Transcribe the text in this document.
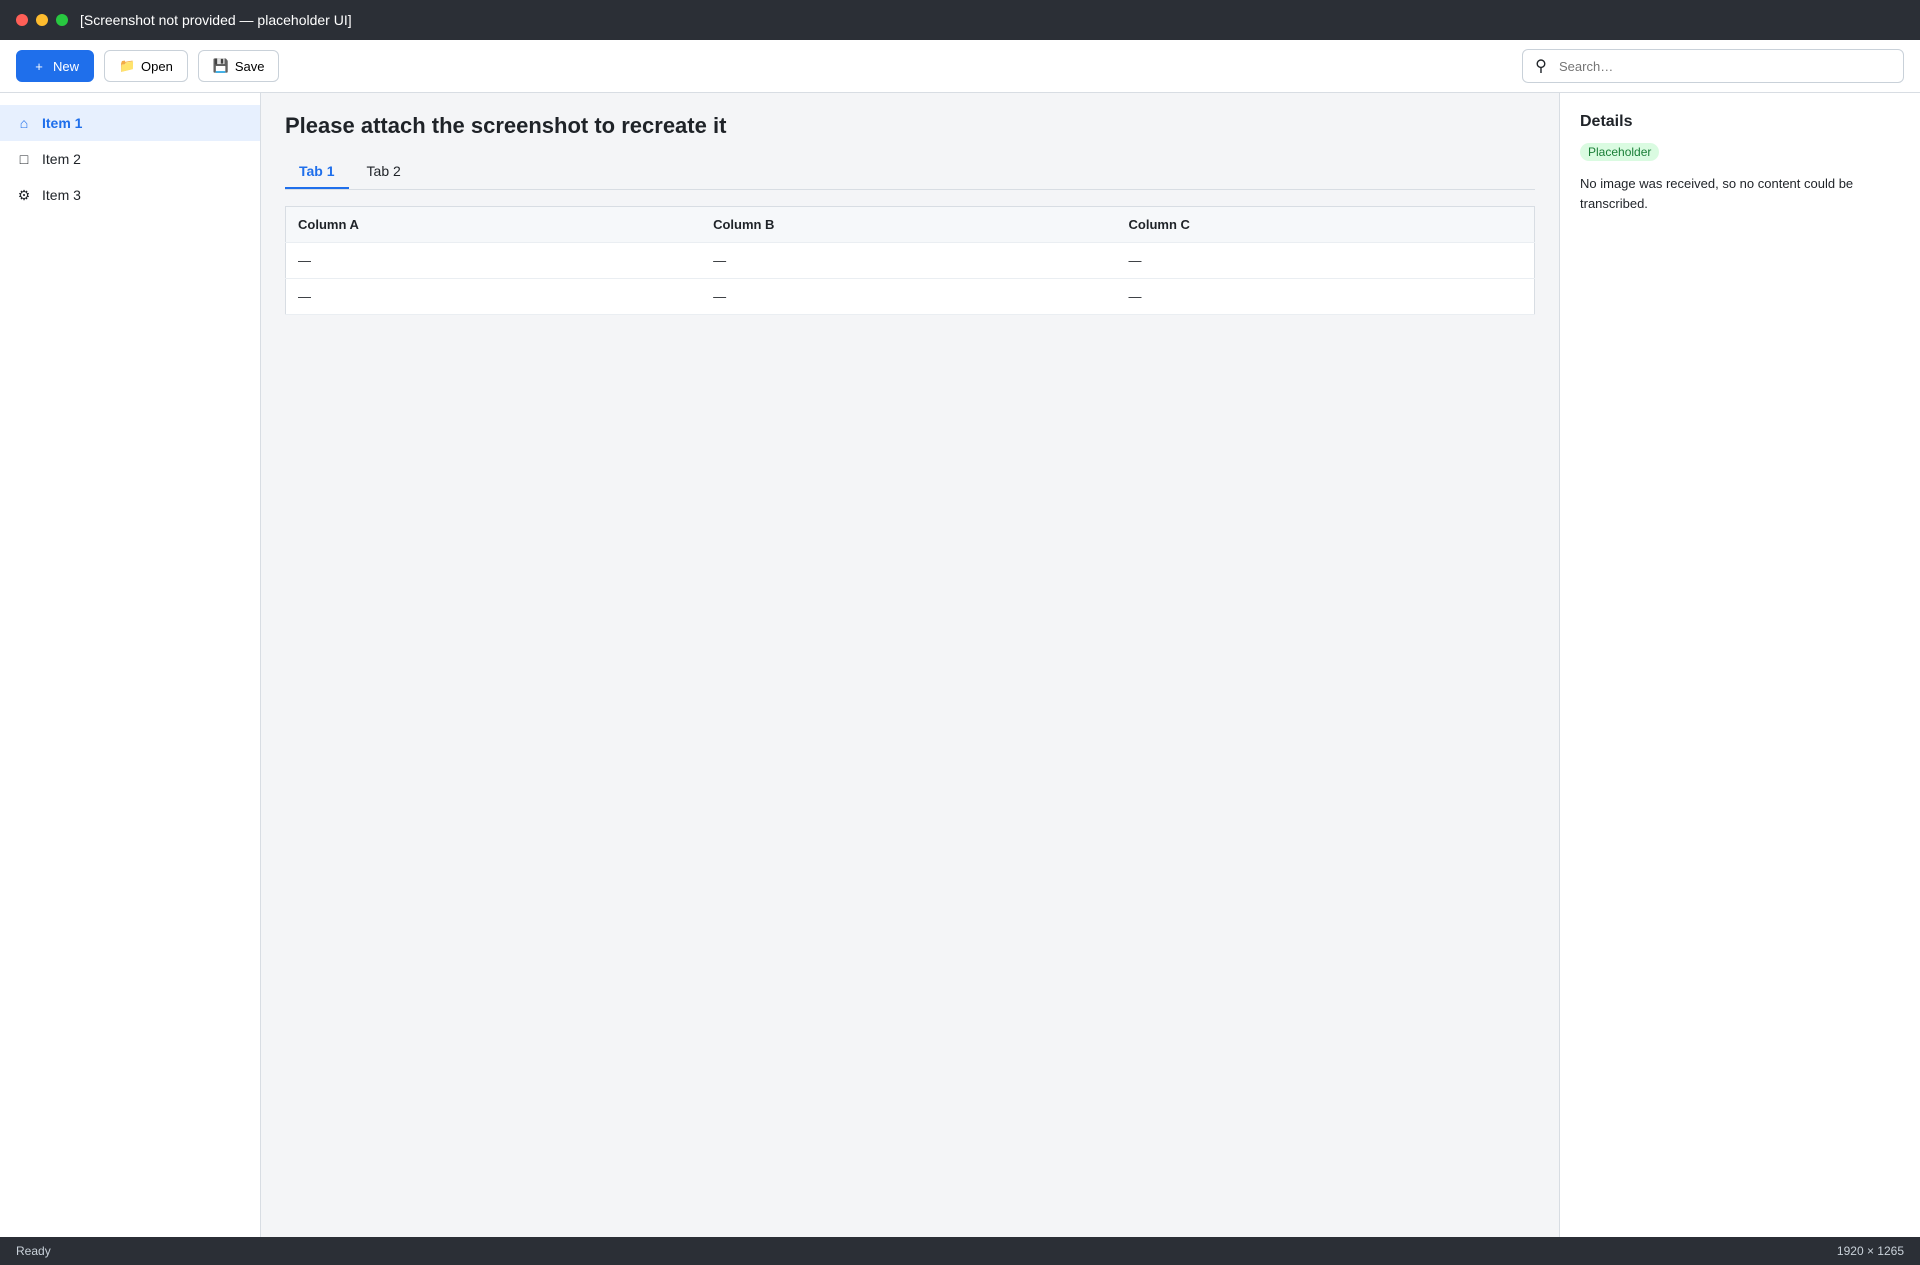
[Screenshot not provided — placeholder UI]
+ New	📁 Open	💾 Save	⚲
Search…
⌂ Item 1
□ Item 2
⚙ Item 3
Please attach the screenshot to recreate it
Tab 1	Tab 2
Column A	Column B	Column C
—	—	—
—	—	—
Details
Placeholder

No image was received, so no content could be transcribed.

Ready	1920 × 1265
